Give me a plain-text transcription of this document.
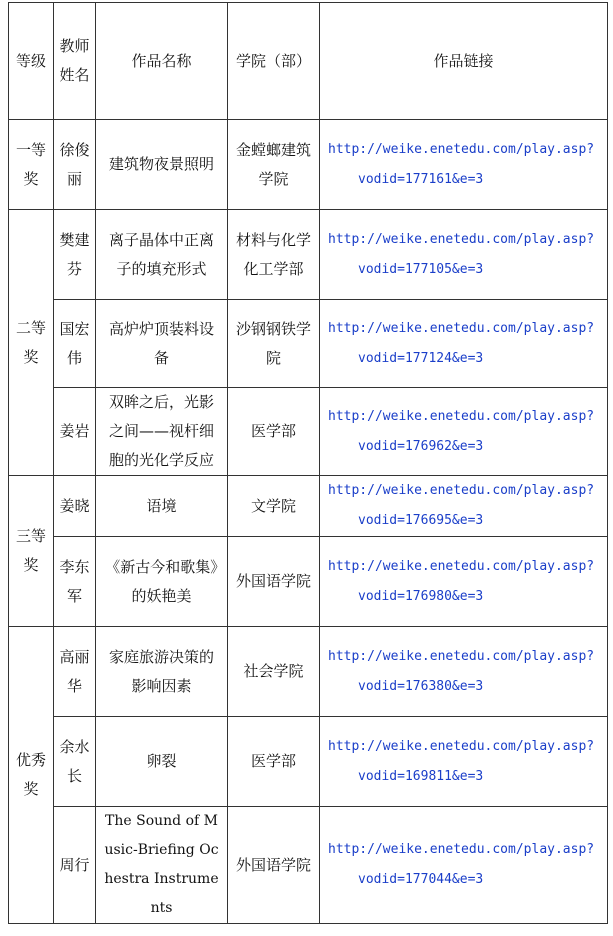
等级	教师姓名	作品名称	学院（部）	作品链接
一等奖	徐俊丽	建筑物夜景照明	金螳螂建筑学院	http://weike.enetedu.com/play.asp?
vodid=177161&e=3

二等奖	樊建芬	离子晶体中正离子的填充形式	材料与化学化工学部	http://weike.enetedu.com/play.asp?
vodid=177105&e=3

	国宏伟	高炉炉顶装料设备	沙钢钢铁学院	http://weike.enetedu.com/play.asp?
vodid=177124&e=3

	姜岩	双眸之后，光影之间——视杆细胞的光化学反应	医学部	http://weike.enetedu.com/play.asp?
vodid=176962&e=3

三等奖	姜晓	语境	文学院	http://weike.enetedu.com/play.asp?
vodid=176695&e=3

	李东军	《新古今和歌集》的妖艳美	外国语学院	http://weike.enetedu.com/play.asp?
vodid=176980&e=3

优秀奖	高丽华	家庭旅游决策的影响因素	社会学院	http://weike.enetedu.com/play.asp?
vodid=176380&e=3

	余水长	卵裂	医学部	http://weike.enetedu.com/play.asp?
vodid=169811&e=3

	周行	The Sound of Music-Briefing Ochestra Instruments	外国语学院	http://weike.enetedu.com/play.asp?
vodid=177044&e=3
